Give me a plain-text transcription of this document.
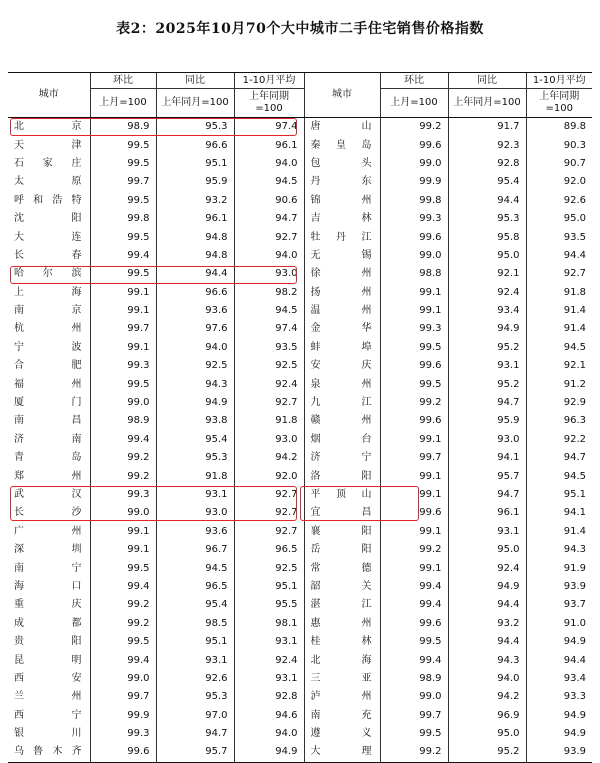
表2：2025年10月70个大中城市二手住宅销售价格指数
城市	环比	同比	1-10月平均	城市	环比	同比	1-10月平均
	上月=100	上年同月=100	上年同期=100		上月=100	上年同月=100	上年同期=100
北京	98.9	95.3	97.4	唐山	99.2	91.7	89.8
天津	99.5	96.6	96.1	秦皇岛	99.6	92.3	90.3
石家庄	99.5	95.1	94.0	包头	99.0	92.8	90.7
太原	99.7	95.9	94.5	丹东	99.9	95.4	92.0
呼和浩特	99.5	93.2	90.6	锦州	99.8	94.4	92.6
沈阳	99.8	96.1	94.7	吉林	99.3	95.3	95.0
大连	99.5	94.8	92.7	牡丹江	99.6	95.8	93.5
长春	99.4	94.8	94.0	无锡	99.0	95.0	94.4
哈尔滨	99.5	94.4	93.0	徐州	98.8	92.1	92.7
上海	99.1	96.6	98.2	扬州	99.1	92.4	91.8
南京	99.1	93.6	94.5	温州	99.1	93.4	91.4
杭州	99.7	97.6	97.4	金华	99.3	94.9	91.4
宁波	99.1	94.0	93.5	蚌埠	99.5	95.2	94.5
合肥	99.3	92.5	92.5	安庆	99.6	93.1	92.1
福州	99.5	94.3	92.4	泉州	99.5	95.2	91.2
厦门	99.0	94.9	92.7	九江	99.2	94.7	92.9
南昌	98.9	93.8	91.8	赣州	99.6	95.9	96.3
济南	99.4	95.4	93.0	烟台	99.1	93.0	92.2
青岛	99.2	95.3	94.2	济宁	99.7	94.1	94.7
郑州	99.2	91.8	92.0	洛阳	99.1	95.7	94.5
武汉	99.3	93.1	92.7	平顶山	99.1	94.7	95.1
长沙	99.0	93.0	92.7	宜昌	99.6	96.1	94.1
广州	99.1	93.6	92.7	襄阳	99.1	93.1	91.4
深圳	99.1	96.7	96.5	岳阳	99.2	95.0	94.3
南宁	99.5	94.5	92.5	常德	99.1	92.4	91.9
海口	99.4	96.5	95.1	韶关	99.4	94.9	93.9
重庆	99.2	95.4	95.5	湛江	99.4	94.4	93.7
成都	99.2	98.5	98.1	惠州	99.6	93.2	91.0
贵阳	99.5	95.1	93.1	桂林	99.5	94.4	94.9
昆明	99.4	93.1	92.4	北海	99.4	94.3	94.4
西安	99.0	92.6	93.1	三亚	98.9	94.0	93.4
兰州	99.7	95.3	92.8	泸州	99.0	94.2	93.3
西宁	99.9	97.0	94.6	南充	99.7	96.9	94.9
银川	99.3	94.7	94.0	遵义	99.5	95.0	94.9
乌鲁木齐	99.6	95.7	94.9	大理	99.2	95.2	93.9
